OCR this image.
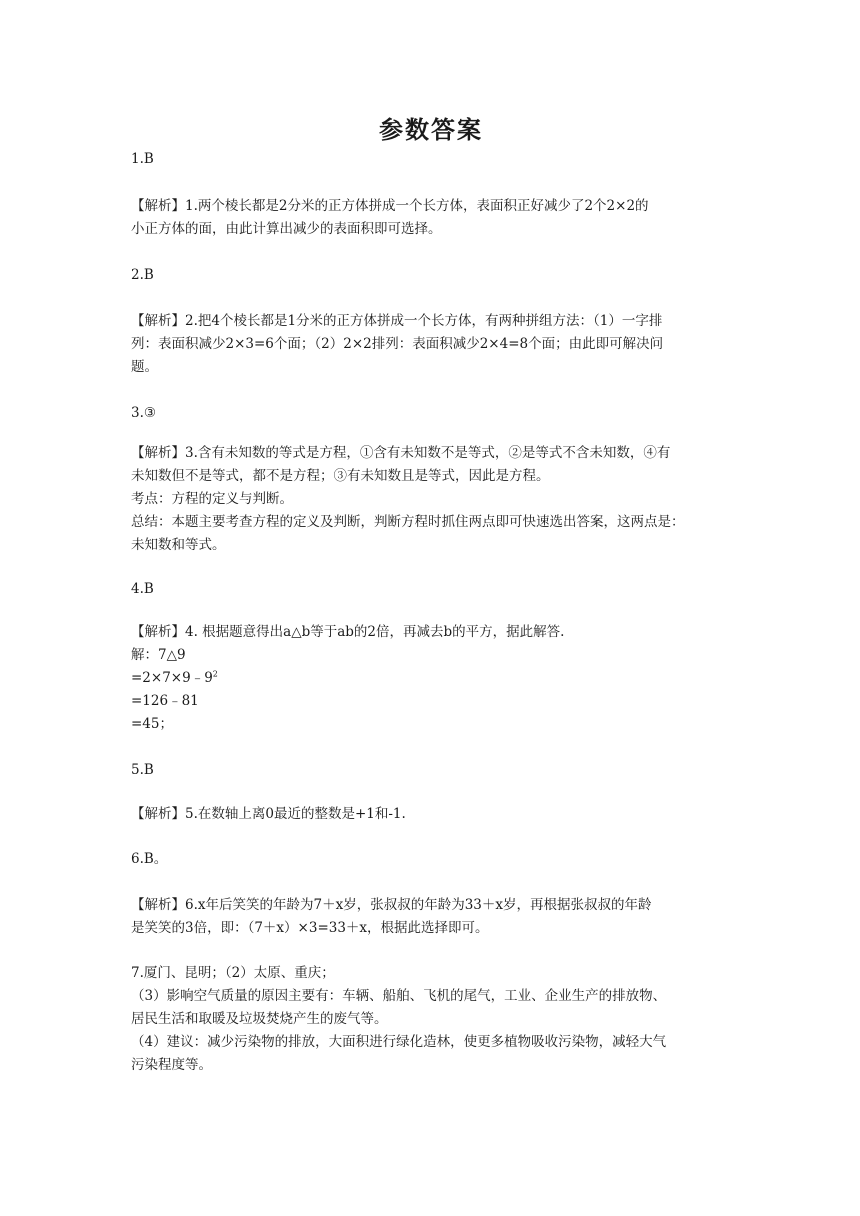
参数答案
1.B
【解析】1.两个棱长都是2分米的正方体拼成一个长方体，表面积正好减少了2个2×2的
小正方体的面，由此计算出减少的表面积即可选择。
2.B
【解析】2.把4个棱长都是1分米的正方体拼成一个长方体，有两种拼组方法：（1）一字排
列：表面积减少2×3=6个面；（2）2×2排列：表面积减少2×4=8个面；由此即可解决问
题。
3.③
【解析】3.含有未知数的等式是方程，①含有未知数不是等式，②是等式不含未知数，④有
未知数但不是等式，都不是方程；③有未知数且是等式，因此是方程。
考点：方程的定义与判断。
总结：本题主要考查方程的定义及判断，判断方程时抓住两点即可快速选出答案，这两点是：
未知数和等式。
4.B
【解析】4. 根据题意得出a△b等于ab的2倍，再减去b的平方，据此解答.
解：7△9
$=2\times 7\times 9﹣9^2$
=126﹣81
=45；
5.B
【解析】5.在数轴上离0最近的整数是+1和-1.
6.B。
【解析】6.x年后笑笑的年龄为7＋x岁，张叔叔的年龄为33＋x岁，再根据张叔叔的年龄
是笑笑的3倍，即：（7＋x）×3=33＋x，根据此选择即可。
7.厦门、昆明；（2）太原、重庆；
（3）影响空气质量的原因主要有：车辆、船舶、飞机的尾气，工业、企业生产的排放物、
居民生活和取暖及垃圾焚烧产生的废气等。
（4）建议：减少污染物的排放，大面积进行绿化造林，使更多植物吸收污染物，减轻大气
污染程度等。
